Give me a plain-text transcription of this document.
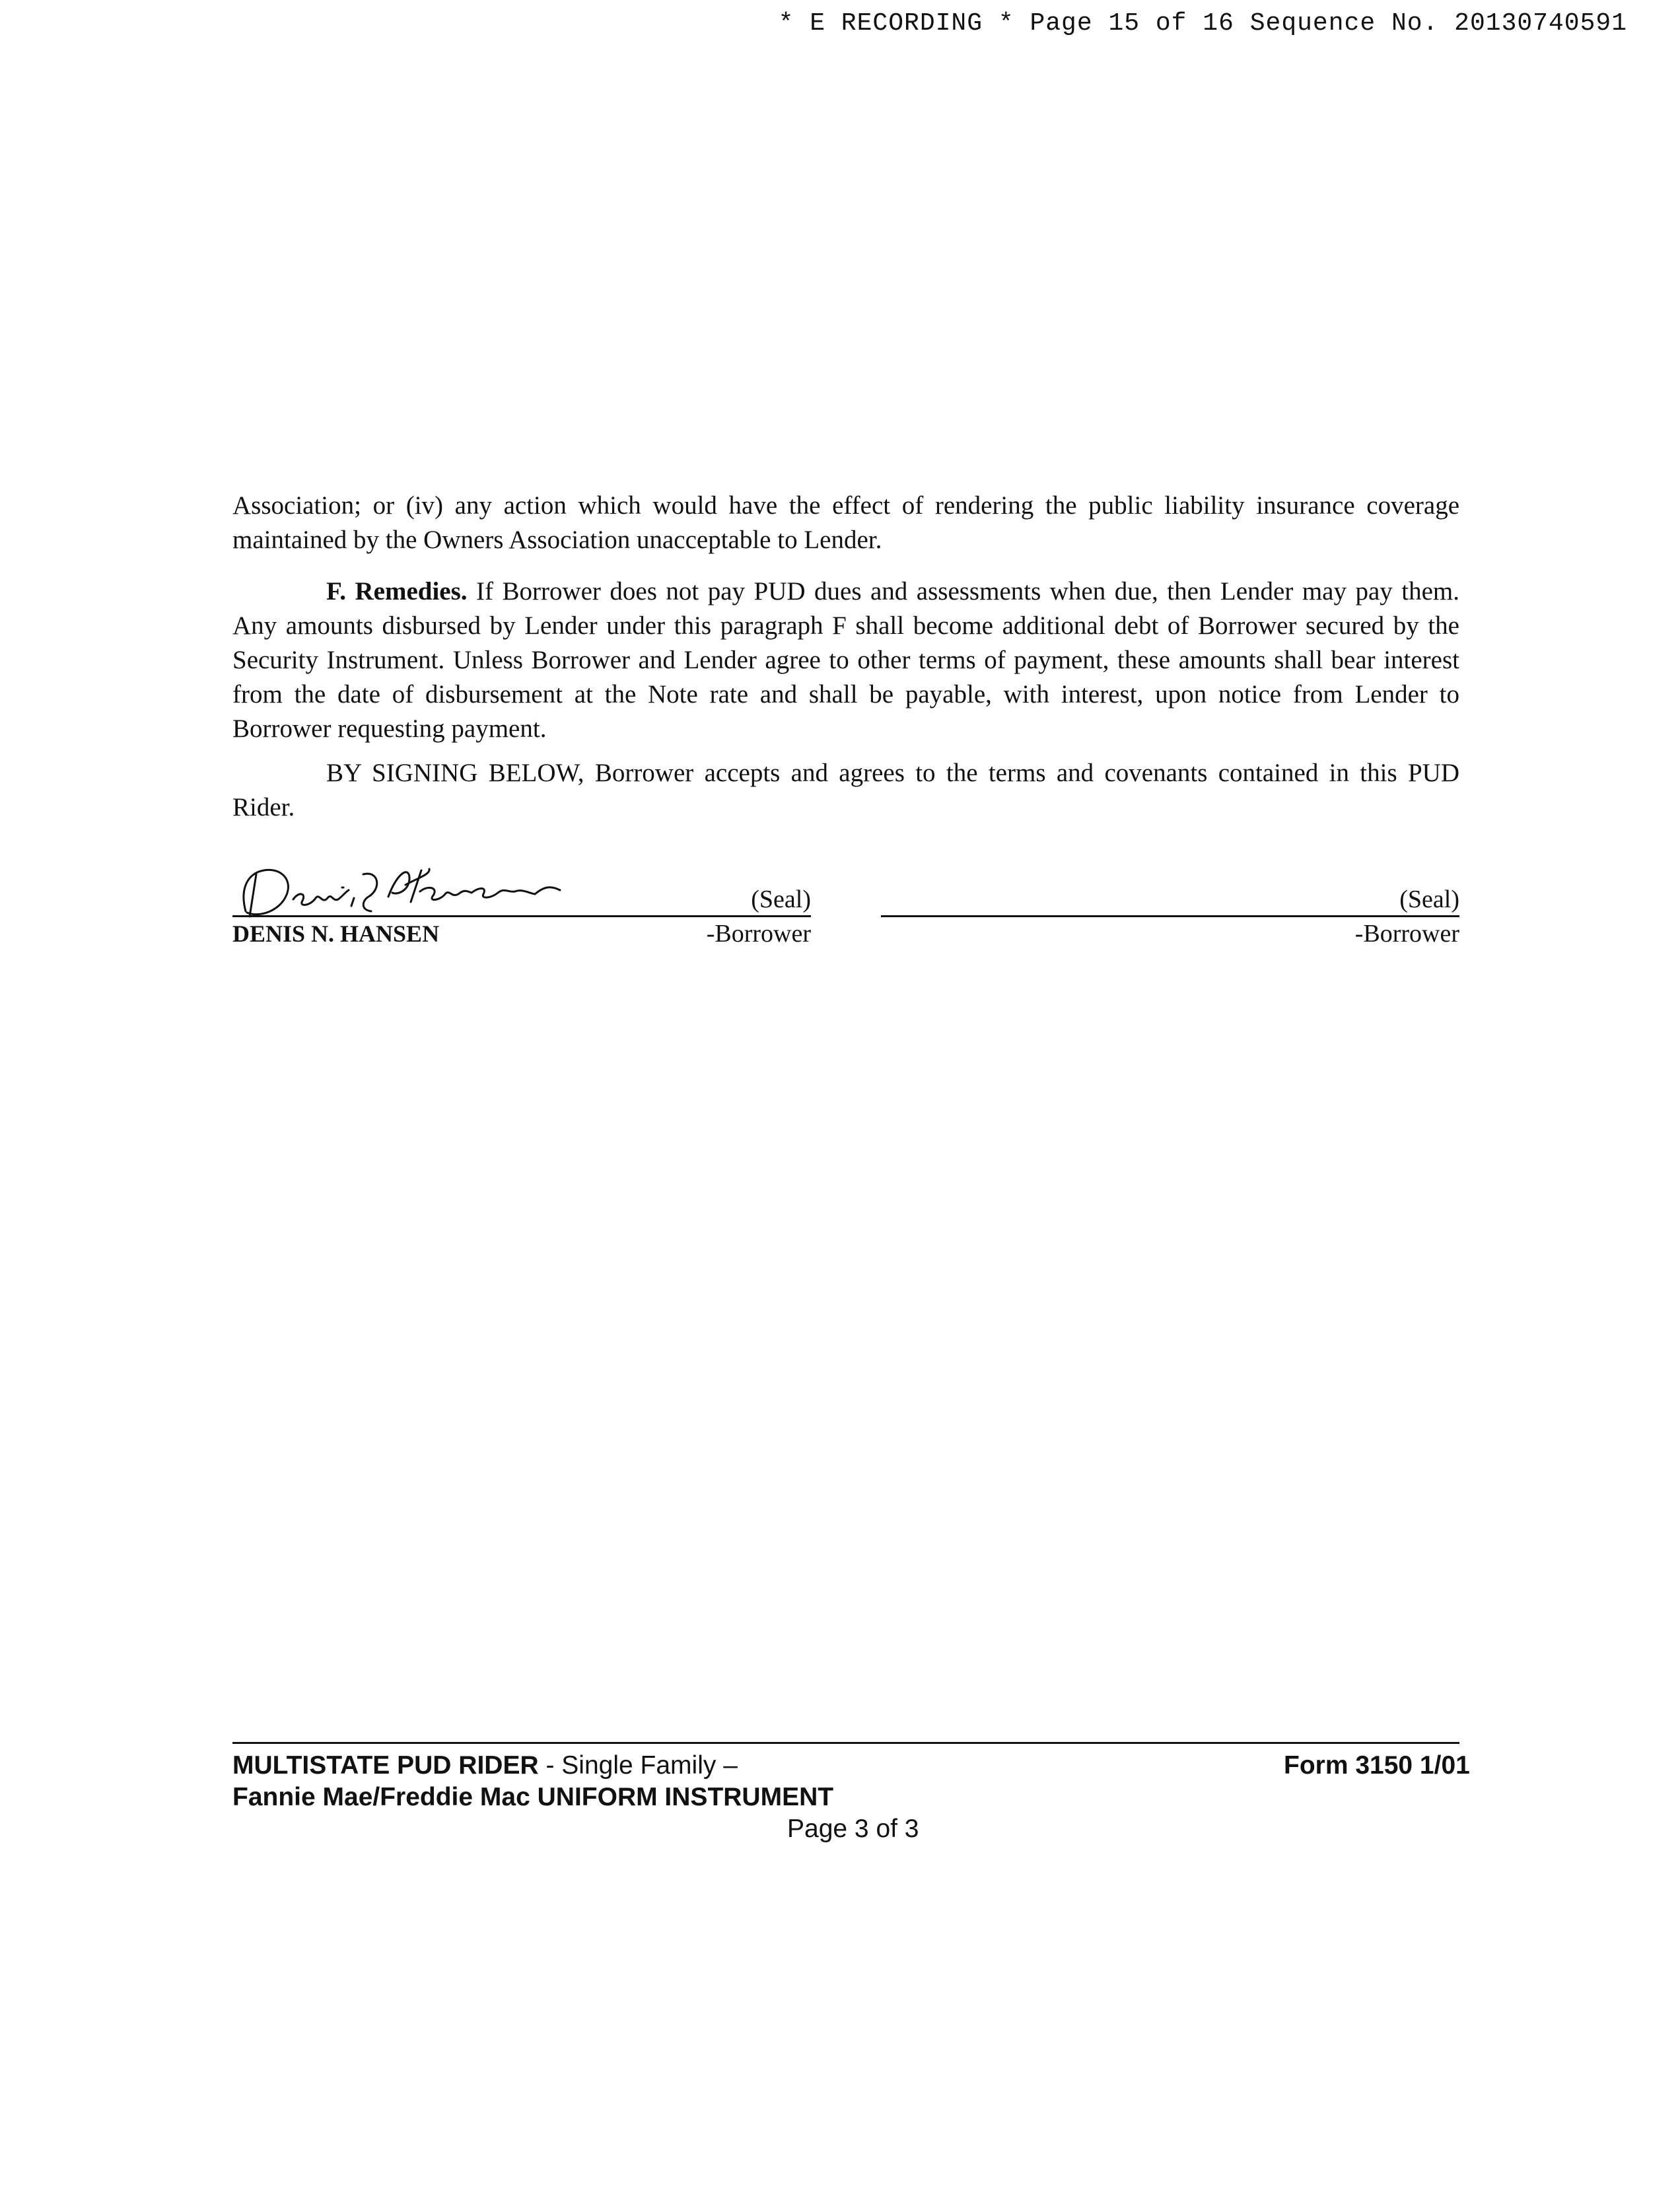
* E RECORDING * Page 15 of 16 Sequence No. 20130740591
Association; or (iv) any action which would have the effect of rendering the public liability insurance coverage maintained by the Owners Association unacceptable to Lender.
F. Remedies. If Borrower does not pay PUD dues and assessments when due, then Lender may pay them. Any amounts disbursed by Lender under this paragraph F shall become additional debt of Borrower secured by the Security Instrument. Unless Borrower and Lender agree to other terms of payment, these amounts shall bear interest from the date of disbursement at the Note rate and shall be payable, with interest, upon notice from Lender to Borrower requesting payment.
BY SIGNING BELOW, Borrower accepts and agrees to the terms and covenants contained in this PUD Rider.
(Seal)
DENIS N. HANSEN	-Borrower
(Seal)
-Borrower
MULTISTATE PUD RIDER - Single Family –
Fannie Mae/Freddie Mac UNIFORM INSTRUMENT
Form 3150 1/01
Page 3 of 3
